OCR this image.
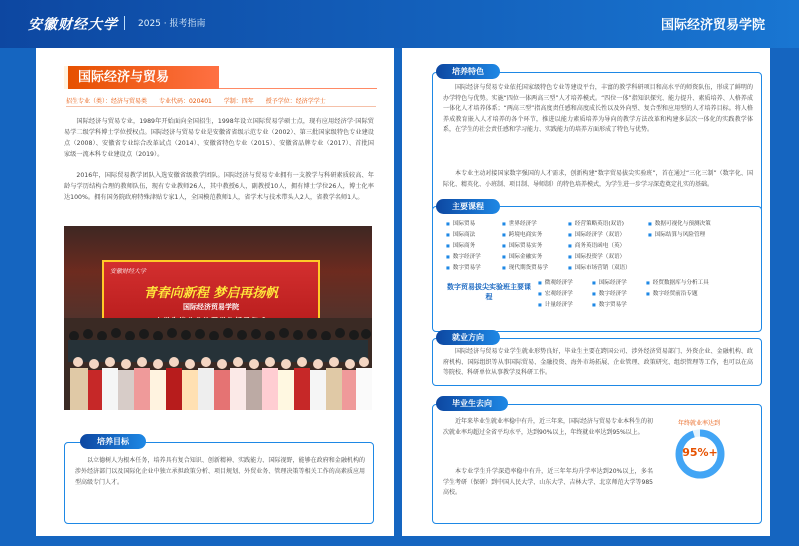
安徽财经大学 2025 · 报考指南	国际经济贸易学院
国际经济与贸易
招生专业（类）：经济与贸易类 专业代码：020401 学制：四年 授予学位：经济学学士
国际经济与贸易专业，1989年开始面向全国招生，1998年设立国际贸易学硕士点，现有应用经济学·国际贸易学二级学科博士学位授权点。国际经济与贸易专业是安徽省省级示范专业（2002）、第三批国家级特色专业建设点（2008）、安徽省专业综合改革试点（2014）、安徽省特色专业（2015）、安徽省品牌专业（2017）、首批国家级一流本科专业建设点（2019）。
2016年，国际贸易教学团队入选安徽省级教学团队。国际经济与贸易专业拥有一支教学与科研素质较高、年龄与学历结构合理的教师队伍，现有专业教师26人，其中教授6人，副教授10人，拥有博士学位26人，博士化率达100%。拥有国务院政府特殊津贴专家1人，全国模范教师1人，省学术与技术带头人2人，省教学名师1人。
安徽财经大学
青春向新程 梦启再扬帆
国际经济贸易学院
以立德树人为根本任务，培养具有复合知识、创新精神、实践能力、国际视野，能够在政府和金融机构的涉外经济部门以及国际化企业中独立承担政策分析、项目规划、外贸业务、管理决策等相关工作的高素质应用型高级专门人才。
培养目标
国际经济与贸易专业依托国家级特色专业等建设平台，丰富的教学科研项目和高水平的师资队伍，形成了鲜明的办学特色与优势。实施“四位一体两高三型”人才培养模式。“四位一体”指知识探究、能力提升、素质培养、人格养成一体化人才培养体系；“两高三型”指高度责任感和高度成长性以及外向型、复合型和应用型的人才培养目标。将人格养成教育嵌入人才培养的各个环节，推进以能力素质培养为导向的教学方法改革和构建多层次一体化的实践教学体系，在学生的社会责任感和学习能力、实践能力的培养方面形成了特色与优势。
本专业主动对接国家数字强国的人才需求，创新构建“数字贸易拔尖实验班”，首在通过“三化三制”（数字化、国际化、精英化、小班制、项目制、导师制）的特色培养模式，为学生进一步学习深造奠定扎实的基础。
培养特色
主要课程
■ 国际贸易
■ 国际商法
■ 国际商务
■ 数字经济学
■ 数字贸易学
■ 世界经济学
■ 跨境电商实务
■ 国际贸易实务
■ 国际金融实务
■ 现代期货贸易学
■ 经营策略英语(双语)
■ 国际经济学（双语）
■ 商务英语函电（英）
■ 国际投资学（双语）
■ 国际市场营销（双语）
■ 数据可视化与预测决策
■ 国际结算与风险管理
数字贸易拔尖实验班主要课程
■ 微观经济学
■ 宏观经济学
■ 计量经济学
■ 国际经济学
■ 数字经济学
■ 数字贸易学
■ 经贸数据库与分析工具
■ 数字经贸前沿专题
国际经济与贸易专业学生就业形势良好，毕业生主要在跨国公司、涉外经济贸易部门、外资企业、金融机构、政府机构、国际组织等从事国际贸易、金融投资、海外市场拓展、企业管理、政策研究、组织管理等工作，也可以在高等院校、科研单位从事教学及科研工作。
就业方向
近年来毕业生就业率稳中有升，近三年来，国际经济与贸易专业本科生的初次就业率均超过全省平均水平，达到90%以上，年终就业率达到95%以上。
本专业学生升学深造率稳中有升，近三年年均升学率达到20%以上，多名学生考研（保研）到中国人民大学、山东大学、吉林大学、北京师范大学等985高校。
毕业生去向
年终就业率达到
95%+
